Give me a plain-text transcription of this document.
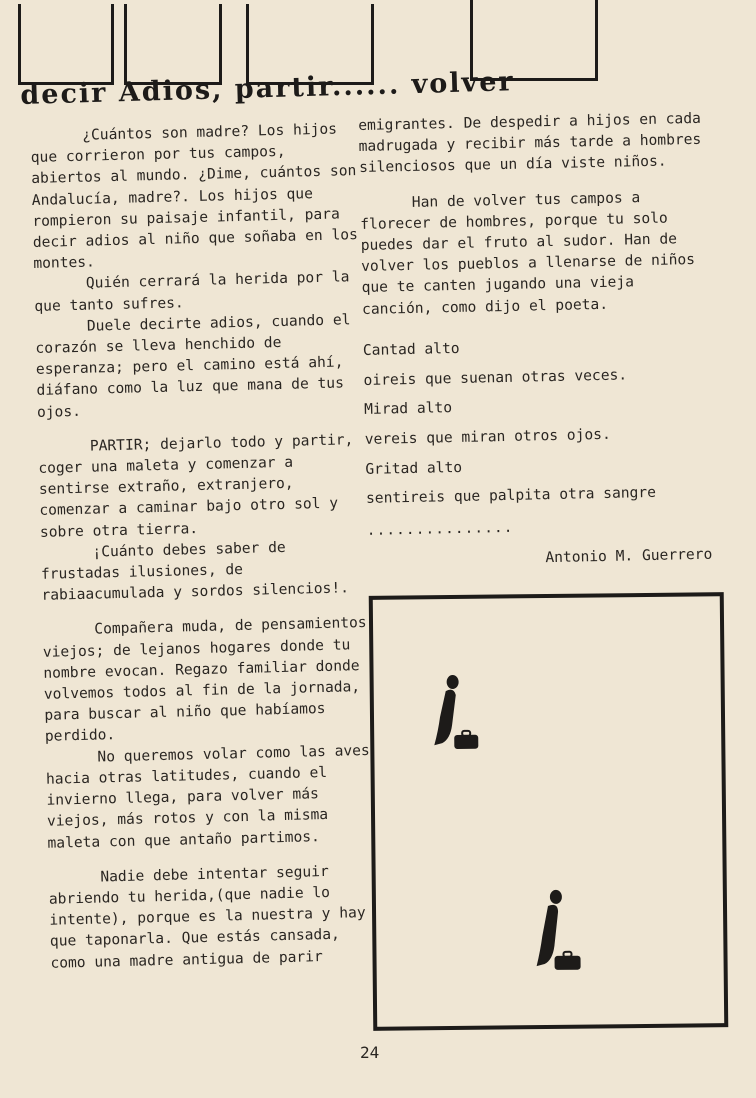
decir Adios, partir...... volver

¿Cuántos son madre? Los hijos que corrieron por tus campos, abiertos al mundo. ¿Dime, cuántos son Andalucía, madre?. Los hijos que rompieron su paisaje infantil, para decir adios al niño que soñaba en los montes.

Quién cerrará la herida por la que tanto sufres.

Duele decirte adios, cuando el corazón se lleva henchido de esperanza; pero el camino está ahí, diáfano como la luz que mana de tus ojos.

PARTIR; dejarlo todo y partir, coger una maleta y comenzar a sentirse extraño, extranjero, comenzar a caminar bajo otro sol y sobre otra tierra.

¡Cuánto debes saber de frustadas ilusiones, de rabiaacumulada y sordos silencios!.

Compañera muda, de pensamientos viejos; de lejanos hogares donde tu nombre evocan. Regazo familiar donde volvemos todos al fin de la jornada, para buscar al niño que habíamos perdido.

No queremos volar como las aves hacia otras latitudes, cuando el invierno llega, para volver más viejos, más rotos y con la misma maleta con que antaño partimos.

Nadie debe intentar seguir abriendo tu herida,(que nadie lo intente), porque es la nuestra y hay que taponarla. Que estás cansada, como una madre antigua de parir

emigrantes. De despedir a hijos en cada madrugada y recibir más tarde a hombres silenciosos que un día viste niños.

Han de volver tus campos a florecer de hombres, porque tu solo puedes dar el fruto al sudor. Han de volver los pueblos a llenarse de niños que te canten jugando una vieja canción, como dijo el poeta.

Cantad alto
oireis que suenan otras veces.
Mirad alto
vereis que miran otros ojos.
Gritad alto
sentireis que palpita otra sangre
...............
Antonio M. Guerrero
24
